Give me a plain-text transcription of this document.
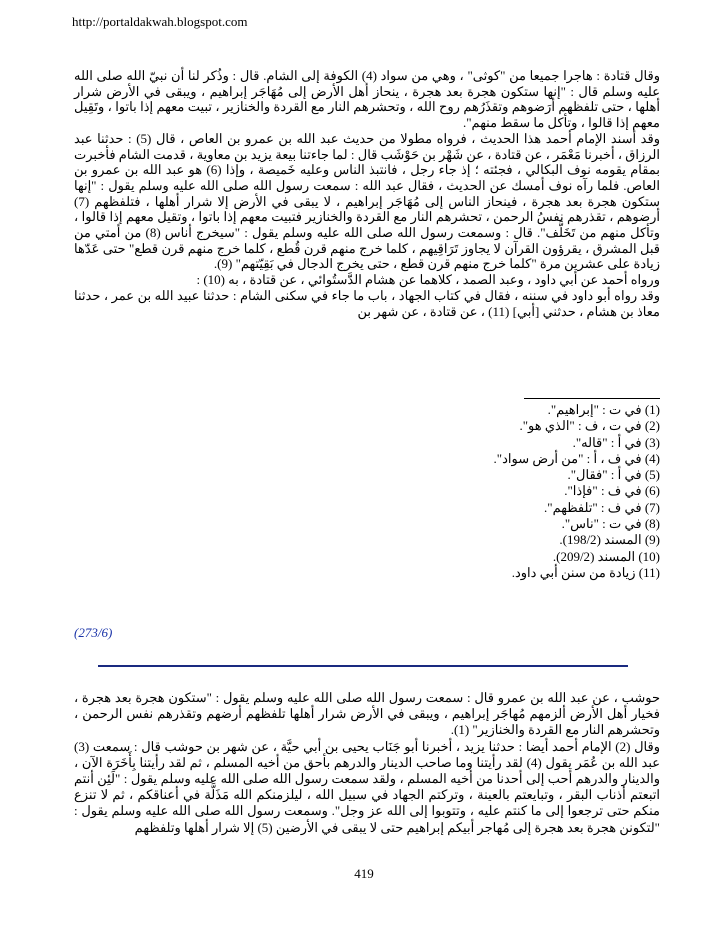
http://portaldakwah.blogspot.com

وقال قتادة : هاجرا جميعا من "كوثى" ، وهي من سواد (4) الكوفة إلى الشام. قال : وذُكر لنا أن نبيّ الله صلى الله عليه وسلم قال : "إنها ستكون هجرة بعد هجرة ، ينحاز أهل الأرض إلى مُهَاجَر إبراهيم ، ويبقى في الأرض شرار أهلها ، حتى تلفظهم أرَضوهم وتقذَرُهم روح الله ، وتحشرهم النار مع القردة والخنازير ، تبيت معهم إذا باتوا ، وتَقِيل معهم إذا قالوا ، وتأكل ما سقط منهم".

وقد أسند الإمام أحمد هذا الحديث ، فرواه مطولا من حديث عبد الله بن عمرو بن العاص ، قال (5) : حدثنا عبد الرزاق ، أخبرنا مَعْمَر ، عن قتادة ، عن شَهْر بن حَوْشَب قال : لما جاءتنا بيعة يزيد بن معاوية ، قدمت الشام فأخبرت بمقام يقومه نوف البكالي ، فجئته ؛ إذ جاء رجل ، فانتبذ الناس وعليه خَميصة ، وإذا (6) هو عبد الله بن عمرو بن العاص. فلما رآه نوف أمسك عن الحديث ، فقال عبد الله : سمعت رسول الله صلى الله عليه وسلم يقول : "إنها ستكون هجرة بعد هجرة ، فينحاز الناس إلى مُهَاجَر إبراهيم ، لا يبقى في الأرض إلا شرار أهلها ، فتلفظهم (7) أرضوهم ، تقذرهم نفسُ الرحمن ، تحشرهم النار مع القردة والخنازير فتبيت معهم إذا باتوا ، وتقيل معهم إذا قالوا ، وتأكل منهم من تَخَلَّف". قال : وسمعت رسول الله صلى الله عليه وسلم يقول : "سيخرج أناس (8) من أمتي من قبل المشرق ، يقرؤون القرآن لا يجاوز تَرَاقِيهم ، كلما خرج منهم قرن قُطع ، كلما خرج منهم قرن قطع" حتى عَدّها زيادة على عشرين مرة "كلما خرج منهم قرن قطع ، حتى يخرج الدجال في بَقِيّتهم" (9).

ورواه أحمد عن أبي داود ، وعبد الصمد ، كلاهما عن هشام الدَّستُوائي ، عن قتادة ، به (10) :

وقد رواه أبو داود في سننه ، فقال في كتاب الجهاد ، باب ما جاء في سكنى الشام : حدثنا عبيد الله بن عمر ، حدثنا معاذ بن هشام ، حدثني [أبي] (11) ، عن قتادة ، عن شهر بن

(1) في ت : "إبراهيم".
(2) في ت ، ف : "الذي هو".
(3) في أ : "قاله".
(4) في ف ، أ : "من أرض سواد".
(5) في أ : "فقال".
(6) في ف : "فإذا".
(7) في ف : "تلفظهم".
(8) في ت : "ناس".
(9) المسند (198/2).
(10) المسند (209/2).
(11) زيادة من سنن أبي داود.
(273/6)

حوشب ، عن عبد الله بن عمرو قال : سمعت رسول الله صلى الله عليه وسلم يقول : "ستكون هجرة بعد هجرة ، فخيار أهل الأرض ألزمهم مُهاجَر إبراهيم ، ويبقى في الأرض شرار أهلها تلفظهم أرضهم وتقذرهم نفس الرحمن ، وتحشرهم النار مع القردة والخنازير" (1).

وقال (2) الإمام أحمد أيضا : حدثنا يزيد ، أخبرنا أبو جَنَاب يحيى بن أبي حيَّة ، عن شهر بن حوشب قال : سمعت (3) عبد الله بن عُمَر يقول (4) لقد رأيتنا وما صاحب الدينار والدرهم بأحق من أخيه المسلم ، ثم لقد رأيتنا بِأَخَرَة الآن ، والدينار والدرهم أحب إلى أحدنا من أخيه المسلم ، ولقد سمعت رسول الله صلى الله عليه وسلم يقول : "لَئِن أنتم اتبعتم أذناب البقر ، وتبايعتم بالعينة ، وتركتم الجهاد في سبيل الله ، ليلزمنكم الله مَذَلَّة في أعناقكم ، ثم لا تنزع منكم حتى ترجعوا إلى ما كنتم عليه ، وتتوبوا إلى الله عز وجل". وسمعت رسول الله صلى الله عليه وسلم يقول : "لتكونن هجرة بعد هجرة إلى مُهاجر أبيكم إبراهيم حتى لا يبقى في الأرضين (5) إلا شرار أهلها وتلفظهم

419
